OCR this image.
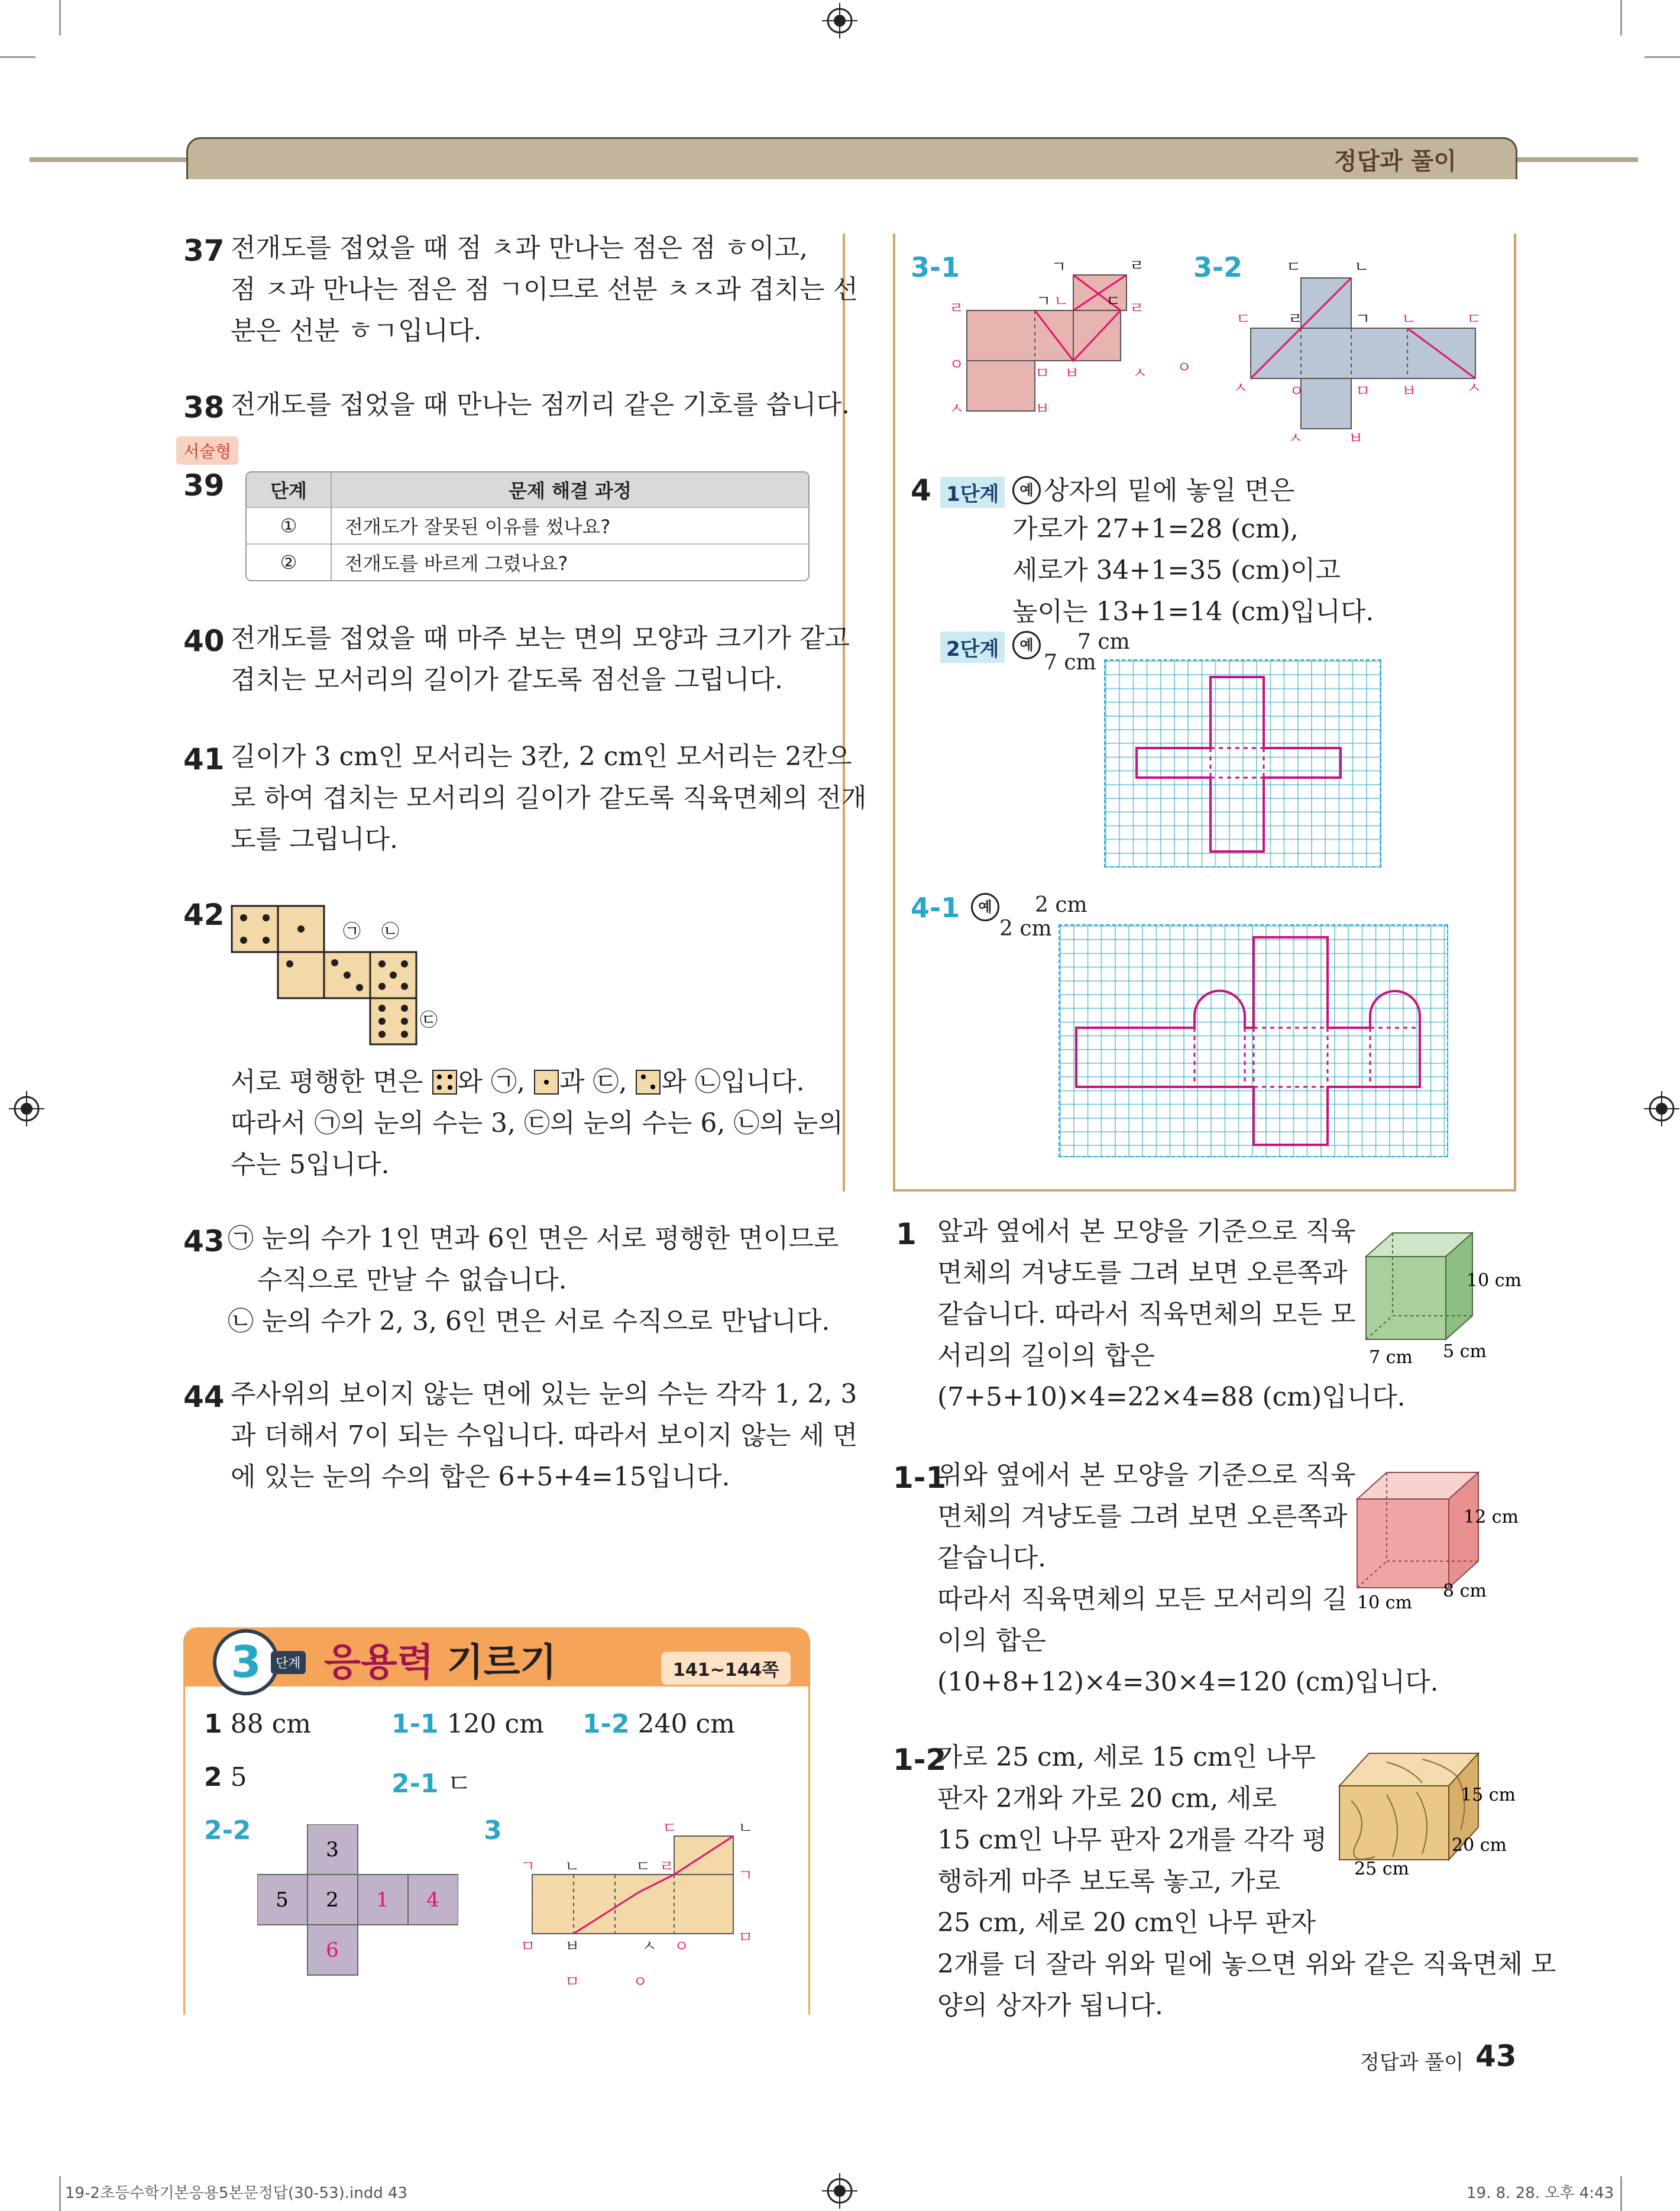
정답과 풀이
37 전개도를 접었을 때 점 ㅊ과 만나는 점은 점 ㅎ이고,
점 ㅈ과 만나는 점은 점 ㄱ이므로 선분 ㅊㅈ과 겹치는 선
분은 선분 ㅎㄱ입니다.
38 전개도를 접었을 때 만나는 점끼리 같은 기호를 씁니다.
서술형
39 단계	문제 해결 과정
①	전개도가 잘못된 이유를 썼나요?
②	전개도를 바르게 그렸나요?
40 전개도를 접었을 때 마주 보는 면의 모양과 크기가 같고
겹치는 모서리의 길이가 같도록 점선을 그립니다.
41 길이가 3 cm인 모서리는 3칸, 2 cm인 모서리는 2칸으
로 하여 겹치는 모서리의 길이가 같도록 직육면체의 전개
도를 그립니다.
42	㉠ ㉡
㉢
서로 평행한 면은 와 ㉠, 과 ㉢, 와 ㉡입니다.
따라서 ㉠의 눈의 수는 3, ㉢의 눈의 수는 6, ㉡의 눈의
수는 5입니다.
43 ㉠ 눈의 수가 1인 면과 6인 면은 서로 평행한 면이므로
수직으로 만날 수 없습니다.
㉡ 눈의 수가 2, 3, 6인 면은 서로 수직으로 만납니다.
44 주사위의 보이지 않는 면에 있는 눈의 수는 각각 1, 2, 3
과 더해서 7이 되는 수입니다. 따라서 보이지 않는 세 면
에 있는 눈의 수의 합은 6+5+4=15입니다.
3	단계 응용력 기르기	141~144쪽
1 88 cm	1-1 120 cm 1-2 240 cm
2 5	2-1 ㄷ
2-2
3
5 2 1 4
6
3	ㄷ	ㄴ
ㄱ ㄴ	ㄷ ㄹ	ㄱ
ㅁ ㅂ	ㅅ ㅇ	ㅁ
ㅁ	ㅇ
3-1	ㄱ	ㄹ
ㄹ	ㄱ ㄴ ㄷ ㄹ
ㅇ	ㅁ ㅂ	ㅅ ㅇ
ㅅ	ㅂ
3-2	ㄷ	ㄴ
ㄷ ㄹ	ㄱ ㄴ	ㄷ
ㅅ	ㅇ	ㅁ ㅂ	ㅅ
ㅅ	ㅂ
4 1단계	예 상자의 밑에 놓일 면은
가로가 27+1=28 (cm),
세로가 34+1=35 (cm)이고
높이는 13+1=14 (cm)입니다.
2단계	예	7 cm
7 cm
4-1	예	2 cm
2 cm
1 앞과 옆에서 본 모양을 기준으로 직육
면체의 겨냥도를 그려 보면 오른쪽과
같습니다. 따라서 직육면체의 모든 모
서리의 길이의 합은
(7+5+10)×4=22×4=88 (cm)입니다.
10 cm
7 cm 5 cm
1-1
위와 옆에서 본 모양을 기준으로 직육
면체의 겨냥도를 그려 보면 오른쪽과
같습니다.
따라서 직육면체의 모든 모서리의 길
이의 합은
(10+8+12)×4=30×4=120 (cm)입니다.
12 cm
10 cm
8 cm
1-2
가로 25 cm, 세로 15 cm인 나무
판자 2개와 가로 20 cm, 세로
15 cm인 나무 판자 2개를 각각 평
행하게 마주 보도록 놓고, 가로
25 cm, 세로 20 cm인 나무 판자
2개를 더 잘라 위와 밑에 놓으면 위와 같은 직육면체 모
양의 상자가 됩니다.
15 cm
20 cm
25 cm
정답과 풀이 43
19-2초등수학기본응용5본문정답(30-53).indd 43	19. 8. 28. 오후 4:43
